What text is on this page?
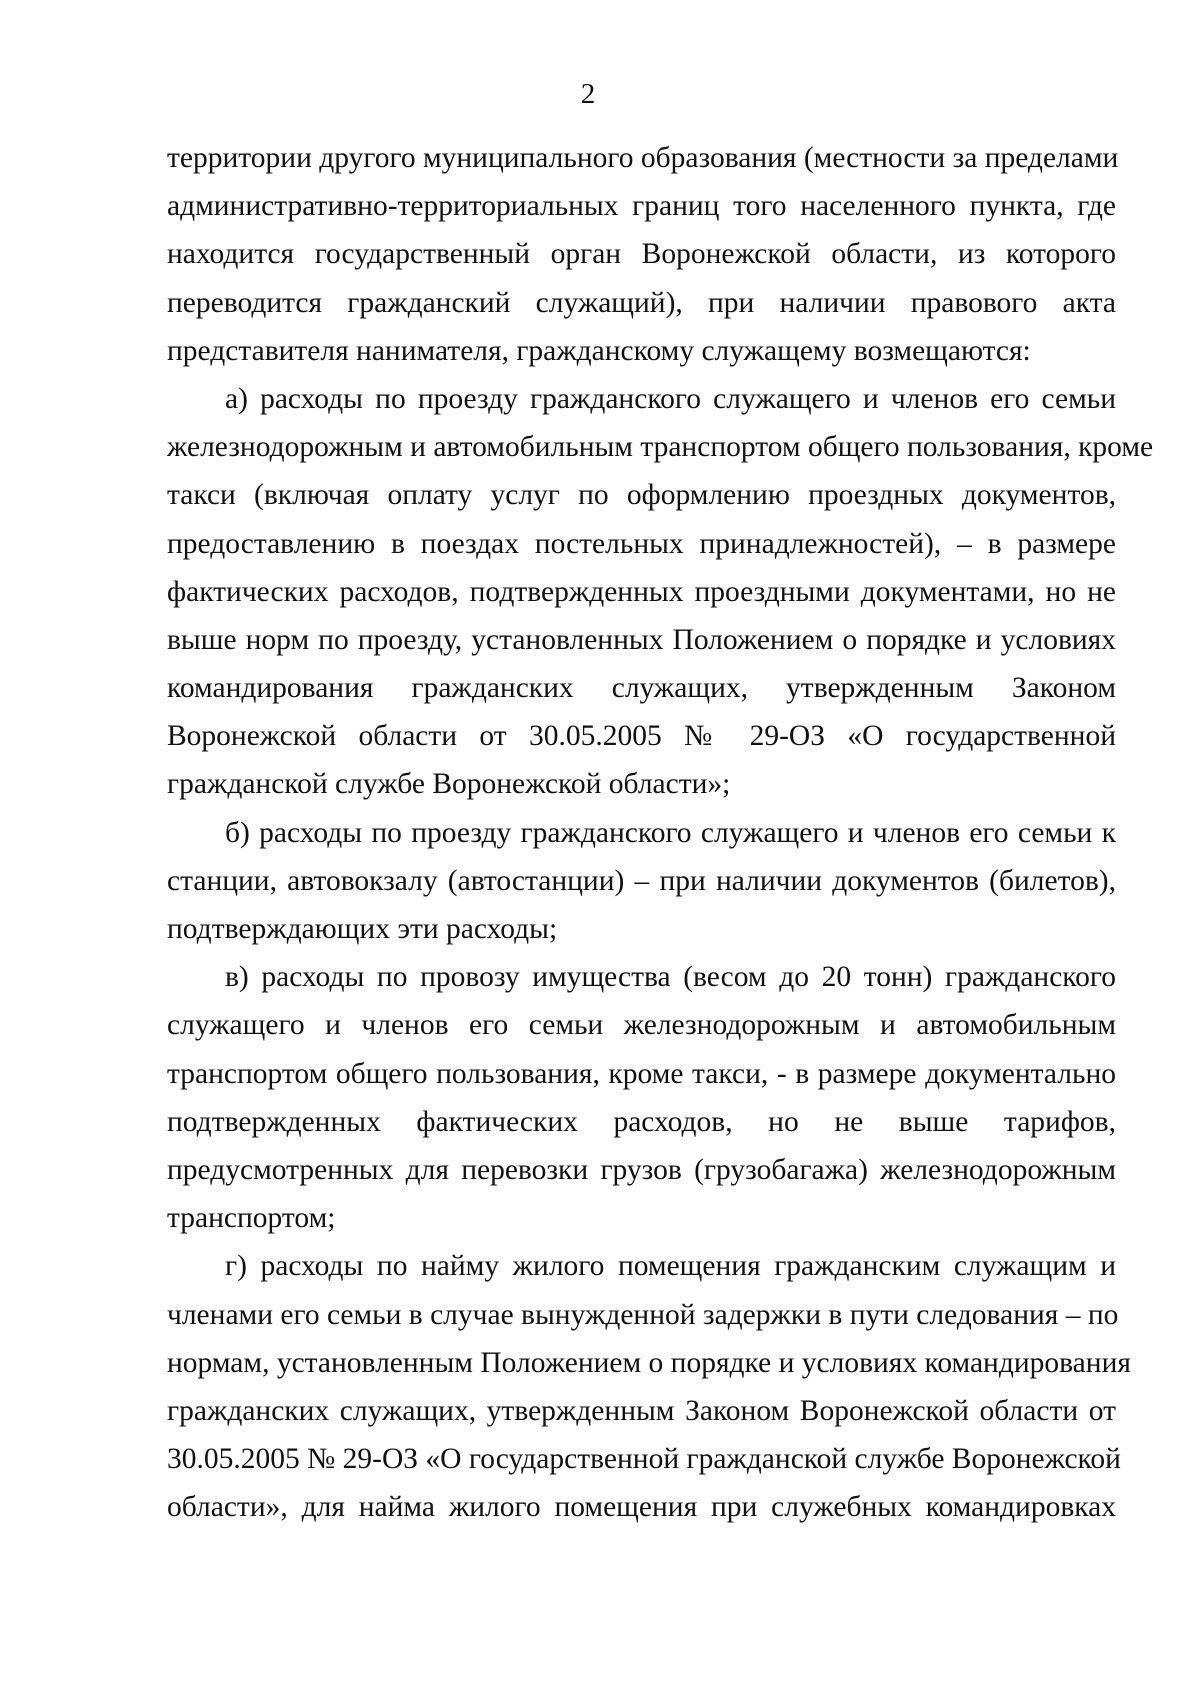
2
территории другого муниципального образования (местности за пределами
административно-территориальных границ того населенного пункта, где
находится государственный орган Воронежской области, из которого
переводится гражданский служащий), при наличии правового акта
представителя нанимателя, гражданскому служащему возмещаются:
а) расходы по проезду гражданского служащего и членов его семьи
железнодорожным и автомобильным транспортом общего пользования, кроме
такси (включая оплату услуг по оформлению проездных документов,
предоставлению в поездах постельных принадлежностей), – в размере
фактических расходов, подтвержденных проездными документами, но не
выше норм по проезду, установленных Положением о порядке и условиях
командирования гражданских служащих, утвержденным Законом
Воронежской области от 30.05.2005 № 29-ОЗ «О государственной
гражданской службе Воронежской области»;
б) расходы по проезду гражданского служащего и членов его семьи к
станции, автовокзалу (автостанции) – при наличии документов (билетов),
подтверждающих эти расходы;
в) расходы по провозу имущества (весом до 20 тонн) гражданского
служащего и членов его семьи железнодорожным и автомобильным
транспортом общего пользования, кроме такси, - в размере документально
подтвержденных фактических расходов, но не выше тарифов,
предусмотренных для перевозки грузов (грузобагажа) железнодорожным
транспортом;
г) расходы по найму жилого помещения гражданским служащим и
членами его семьи в случае вынужденной задержки в пути следования – по
нормам, установленным Положением о порядке и условиях командирования
гражданских служащих, утвержденным Законом Воронежской области от
30.05.2005 № 29-ОЗ «О государственной гражданской службе Воронежской
области», для найма жилого помещения при служебных командировках
